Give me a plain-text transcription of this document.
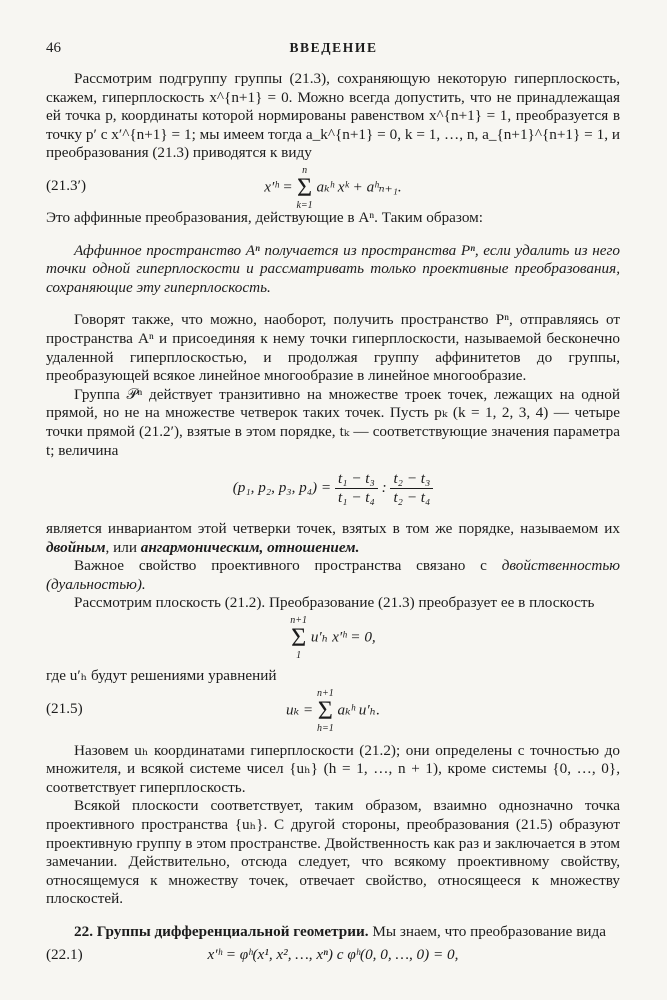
46	ВВЕДЕНИЕ

Рассмотрим подгруппу группы (21.3), сохраняющую некоторую гиперплоскость, скажем, гиперплоскость x^{n+1} = 0. Можно всегда допустить, что не принадлежащая ей точка p, координаты которой нормированы равенством x^{n+1} = 1, преобразуется в точку p′ с x′^{n+1} = 1; мы имеем тогда a_k^{n+1} = 0, k = 1, …, n, a_{n+1}^{n+1} = 1, и преобразования (21.3) приводятся к виду

(21.3′)	x′ʰ =
n
Σ
k=1
aₖʰ xᵏ + aʰₙ₊₁.

Это аффинные преобразования, действующие в Aⁿ. Таким образом:

Аффинное пространство Aⁿ получается из пространства Pⁿ, если удалить из него точки одной гиперплоскости и рассматривать только проективные преобразования, сохраняющие эту гиперплоскость.

Говорят также, что можно, наоборот, получить пространство Pⁿ, отправляясь от пространства Aⁿ и присоединяя к нему точки гиперплоскости, называемой бесконечно удаленной гиперплоскостью, и продолжая группу аффинитетов до группы, преобразующей всякое линейное многообразие в линейное многообразие.

Группа 𝒫ⁿ действует транзитивно на множестве троек точек, лежащих на одной прямой, но не на множестве четверок таких точек. Пусть pₖ (k = 1, 2, 3, 4) — четыре точки прямой (21.2′), взятые в этом порядке, tₖ — соответствующие значения параметра t; величина

(p₁, p₂, p₃, $p_4) = \frac{\text{t₁ − t₃}}{\text{t₁ − t₄}}$ : $\frac{\text{t₂ − t₃}}{\text{t₂ − t₄}}$

является инвариантом этой четверки точек, взятых в том же порядке, называемом их двойным, или ангармоническим, отношением.

Важное свойство проективного пространства связано с двойственностью (дуальностью).

Рассмотрим плоскость (21.2). Преобразование (21.3) преобразует ее в плоскость

n+1
Σ
1
u′ₕ x′ʰ = 0,

где u′ₕ будут решениями уравнений

(21.5)	uₖ =
n+1
Σ
h=1
aₖʰ u′ₕ.

Назовем uₕ координатами гиперплоскости (21.2); они определены с точностью до множителя, и всякой системе чисел {uₕ} (h = 1, …, n + 1), кроме системы {0, …, 0}, соответствует гиперплоскость.

Всякой плоскости соответствует, таким образом, взаимно однозначно точка проективного пространства {uₕ}. С другой стороны, преобразования (21.5) образуют проективную группу в этом пространстве. Двойственность как раз и заключается в этом замечании. Действительно, отсюда следует, что всякому проективному свойству, относящемуся к множеству точек, отвечает свойство, относящееся к множеству плоскостей.

22. Группы дифференциальной геометрии. Мы знаем, что преобразование вида

(22.1)	x′ʰ = φʰ(x¹, x², …, xⁿ) с φʰ(0, 0, …, 0) = 0,
